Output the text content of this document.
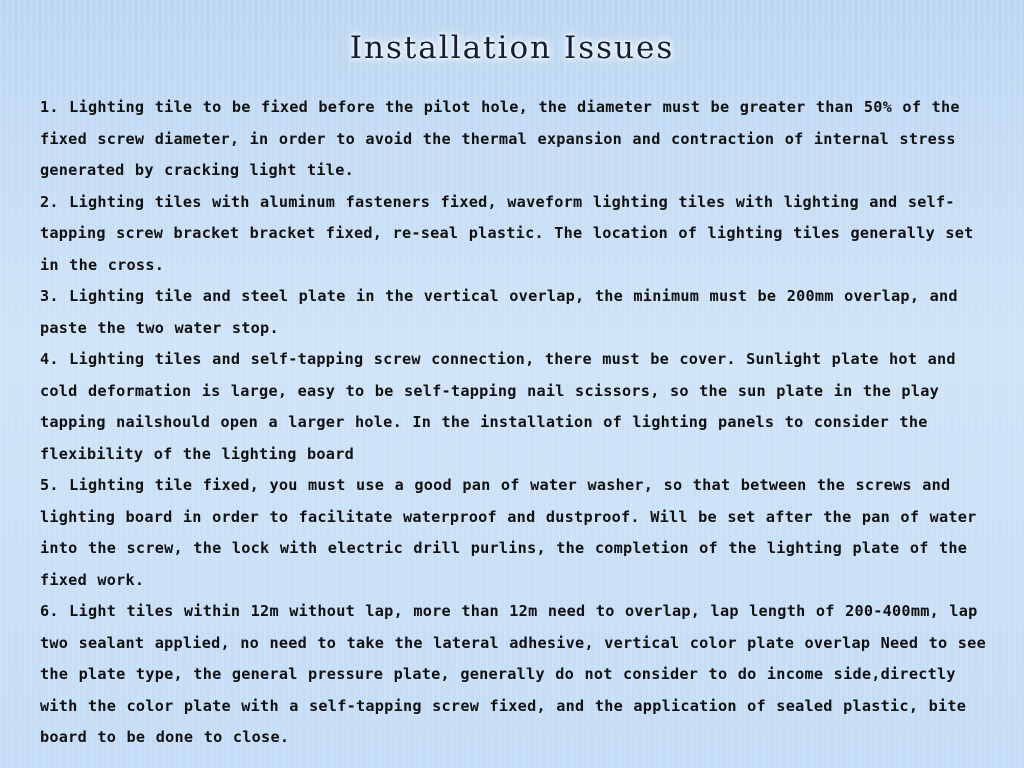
Installation Issues
1. Lighting tile to be fixed before the pilot hole, the diameter must be greater than 50% of the fixed screw diameter, in order to avoid the thermal expansion and contraction of internal stress generated by cracking light tile.
2. Lighting tiles with aluminum fasteners fixed, waveform lighting tiles with lighting and self-tapping screw bracket bracket fixed, re-seal plastic. The location of lighting tiles generally set in the cross.
3. Lighting tile and steel plate in the vertical overlap, the minimum must be 200mm overlap, and paste the two water stop.
4. Lighting tiles and self-tapping screw connection, there must be cover. Sunlight plate hot and cold deformation is large, easy to be self-tapping nail scissors, so the sun plate in the play tapping nailshould open a larger hole. In the installation of lighting panels to consider the flexibility of the lighting board
5. Lighting tile fixed, you must use a good pan of water washer, so that between the screws and lighting board in order to facilitate waterproof and dustproof. Will be set after the pan of water into the screw, the lock with electric drill purlins, the completion of the lighting plate of the fixed work.
6. Light tiles within 12m without lap, more than 12m need to overlap, lap length of 200-400mm, lap two sealant applied, no need to take the lateral adhesive, vertical color plate overlap Need to see the plate type, the general pressure plate, generally do not consider to do income side,directly with the color plate with a self-tapping screw fixed, and the application of sealed plastic, bite board to be done to close.
